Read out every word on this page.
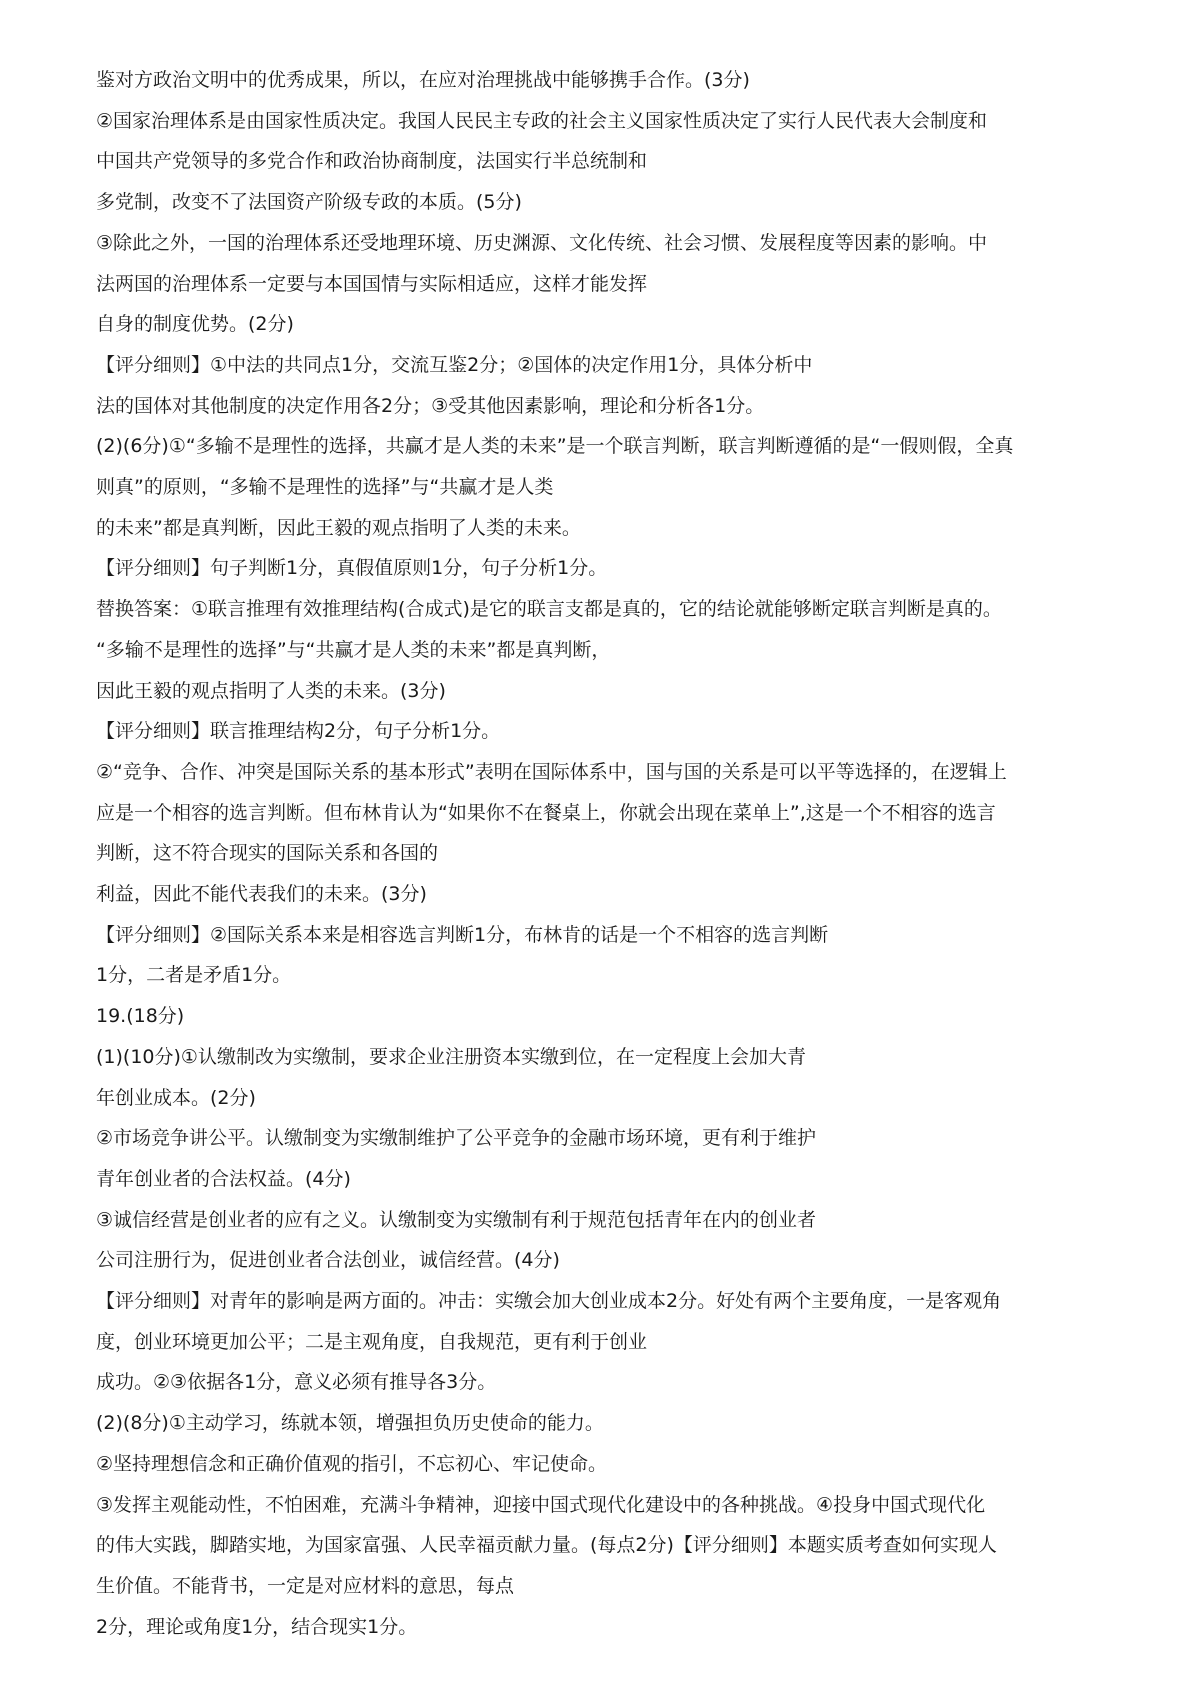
鉴对方政治文明中的优秀成果，所以，在应对治理挑战中能够携手合作。(3分)
②国家治理体系是由国家性质决定。我国人民民主专政的社会主义国家性质决定了实行人民代表大会制度和
中国共产党领导的多党合作和政治协商制度，法国实行半总统制和
多党制，改变不了法国资产阶级专政的本质。(5分)
③除此之外，一国的治理体系还受地理环境、历史渊源、文化传统、社会习惯、发展程度等因素的影响。中
法两国的治理体系一定要与本国国情与实际相适应，这样才能发挥
自身的制度优势。(2分)
【评分细则】①中法的共同点1分，交流互鉴2分；②国体的决定作用1分，具体分析中
法的国体对其他制度的决定作用各2分；③受其他因素影响，理论和分析各1分。
(2)(6分)①“多输不是理性的选择，共赢才是人类的未来”是一个联言判断，联言判断遵循的是“一假则假，全真
则真”的原则，“多输不是理性的选择”与“共赢才是人类
的未来”都是真判断，因此王毅的观点指明了人类的未来。
【评分细则】句子判断1分，真假值原则1分，句子分析1分。
替换答案：①联言推理有效推理结构(合成式)是它的联言支都是真的，它的结论就能够断定联言判断是真的。
“多输不是理性的选择”与“共赢才是人类的未来”都是真判断，
因此王毅的观点指明了人类的未来。(3分)
【评分细则】联言推理结构2分，句子分析1分。
②“竞争、合作、冲突是国际关系的基本形式”表明在国际体系中，国与国的关系是可以平等选择的，在逻辑上
应是一个相容的选言判断。但布林肯认为“如果你不在餐桌上，你就会出现在菜单上”,这是一个不相容的选言
判断，这不符合现实的国际关系和各国的
利益，因此不能代表我们的未来。(3分)
【评分细则】②国际关系本来是相容选言判断1分，布林肯的话是一个不相容的选言判断
1分，二者是矛盾1分。
19.(18分)
(1)(10分)①认缴制改为实缴制，要求企业注册资本实缴到位，在一定程度上会加大青
年创业成本。(2分)
②市场竞争讲公平。认缴制变为实缴制维护了公平竞争的金融市场环境，更有利于维护
青年创业者的合法权益。(4分)
③诚信经营是创业者的应有之义。认缴制变为实缴制有利于规范包括青年在内的创业者
公司注册行为，促进创业者合法创业，诚信经营。(4分)
【评分细则】对青年的影响是两方面的。冲击：实缴会加大创业成本2分。好处有两个主要角度，一是客观角
度，创业环境更加公平；二是主观角度，自我规范，更有利于创业
成功。②③依据各1分，意义必须有推导各3分。
(2)(8分)①主动学习，练就本领，增强担负历史使命的能力。
②坚持理想信念和正确价值观的指引，不忘初心、牢记使命。
③发挥主观能动性，不怕困难，充满斗争精神，迎接中国式现代化建设中的各种挑战。④投身中国式现代化
的伟大实践，脚踏实地，为国家富强、人民幸福贡献力量。(每点2分)【评分细则】本题实质考查如何实现人
生价值。不能背书，一定是对应材料的意思，每点
2分，理论或角度1分，结合现实1分。
